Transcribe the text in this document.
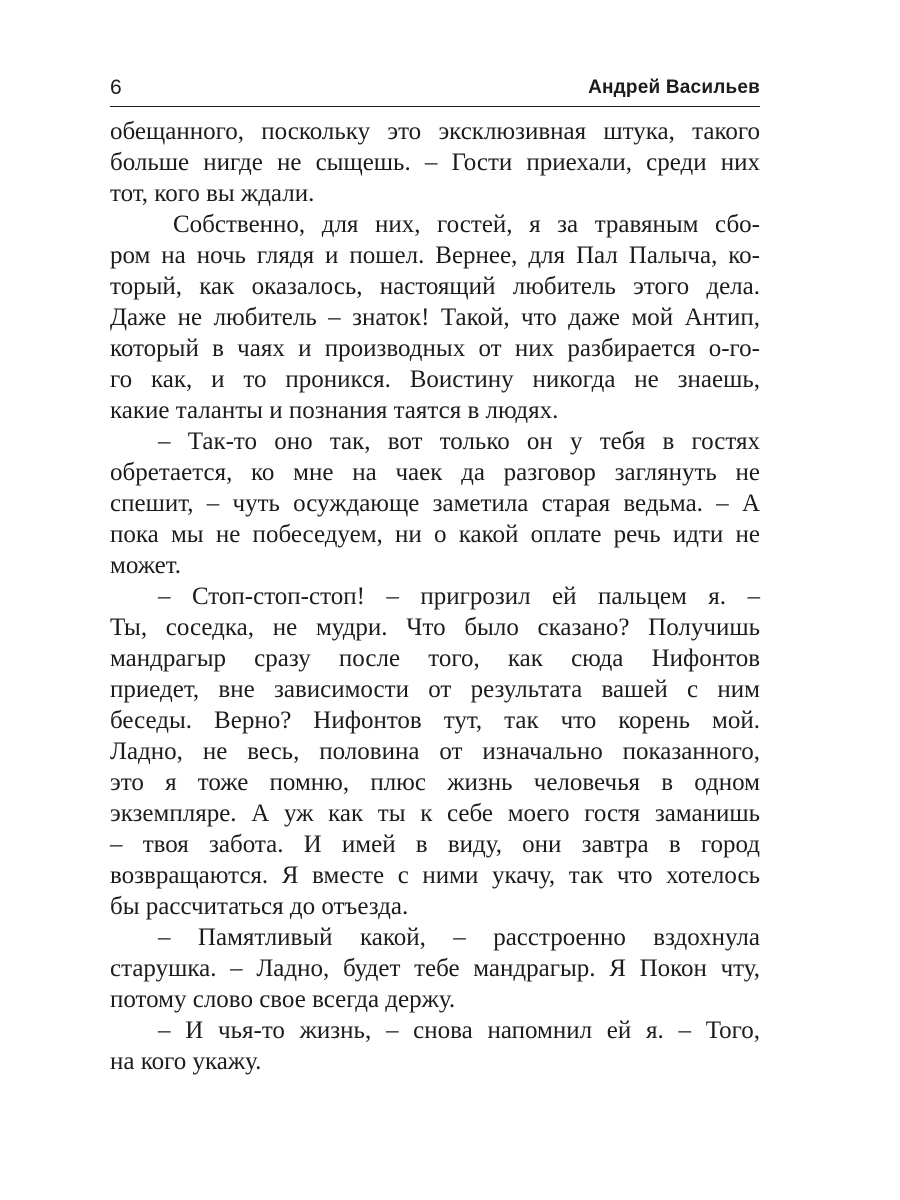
6	Андрей Васильев
обещанного, поскольку это эксклюзивная штука, такого
больше нигде не сыщешь. – Гости приехали, среди них
тот, кого вы ждали.
Собственно, для них, гостей, я за травяным сбо-
ром на ночь глядя и пошел. Вернее, для Пал Палыча, ко-
торый, как оказалось, настоящий любитель этого дела.
Даже не любитель – знаток! Такой, что даже мой Антип,
который в чаях и производных от них разбирается о-го-
го как, и то проникся. Воистину никогда не знаешь,
какие таланты и познания таятся в людях.
– Так-то оно так, вот только он у тебя в гостях
обретается, ко мне на чаек да разговор заглянуть не
спешит, – чуть осуждающе заметила старая ведьма. – А
пока мы не побеседуем, ни о какой оплате речь идти не
может.
– Стоп-стоп-стоп! – пригрозил ей пальцем я. –
Ты, соседка, не мудри. Что было сказано? Получишь
мандрагыр сразу после того, как сюда Нифонтов
приедет, вне зависимости от результата вашей с ним
беседы. Верно? Нифонтов тут, так что корень мой.
Ладно, не весь, половина от изначально показанного,
это я тоже помню, плюс жизнь человечья в одном
экземпляре. А уж как ты к себе моего гостя заманишь
– твоя забота. И имей в виду, они завтра в город
возвращаются. Я вместе с ними укачу, так что хотелось
бы рассчитаться до отъезда.
– Памятливый какой, – расстроенно вздохнула
старушка. – Ладно, будет тебе мандрагыр. Я Покон чту,
потому слово свое всегда держу.
– И чья-то жизнь, – снова напомнил ей я. – Того,
на кого укажу.
